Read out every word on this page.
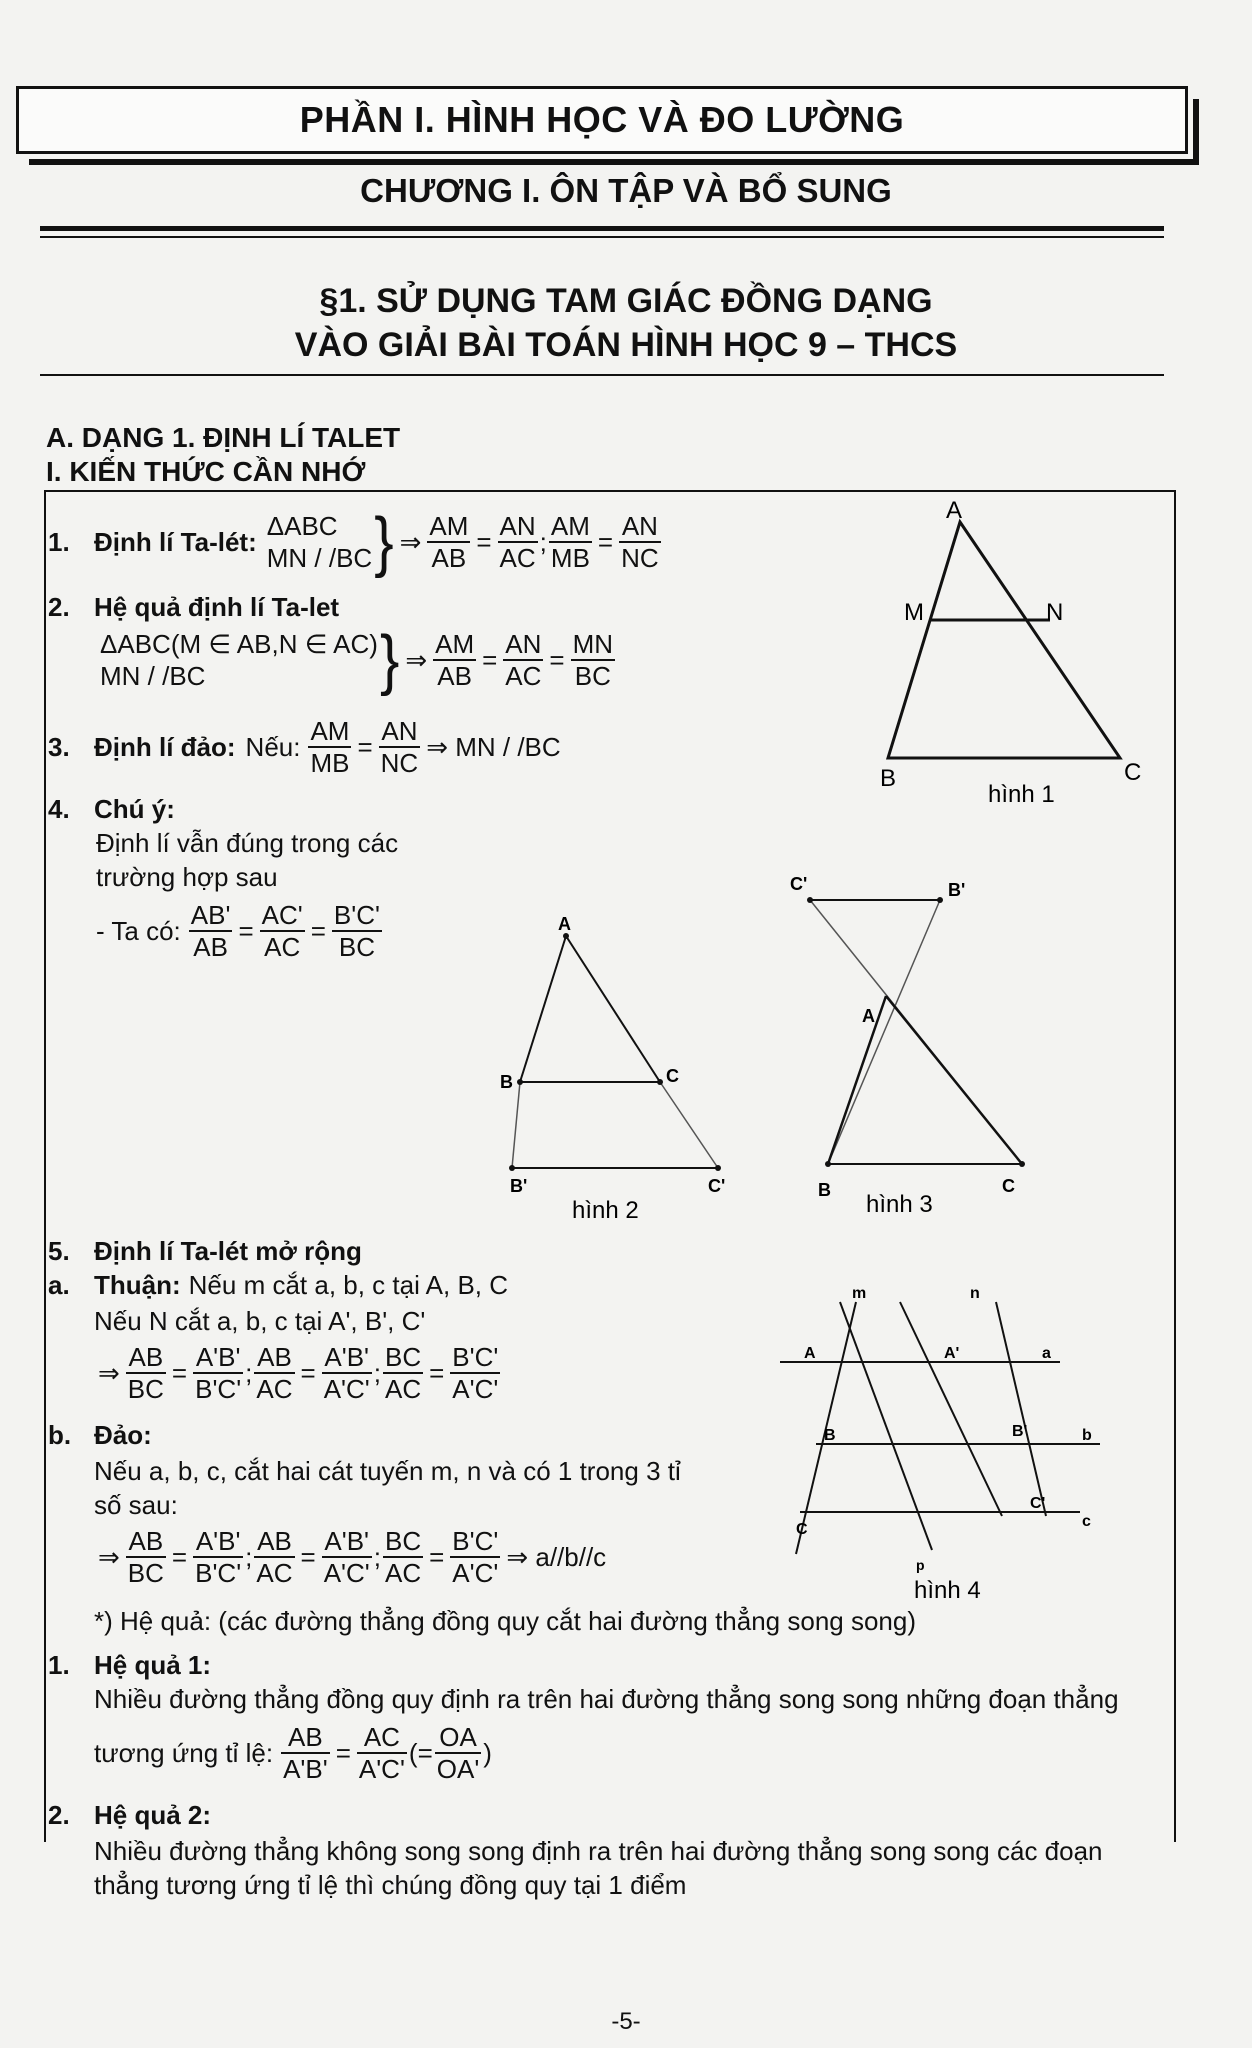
PHẦN I. HÌNH HỌC VÀ ĐO LƯỜNG
CHƯƠNG I. ÔN TẬP VÀ BỔ SUNG
§1. SỬ DỤNG TAM GIÁC ĐỒNG DẠNG
VÀO GIẢI BÀI TOÁN HÌNH HỌC 9 – THCS
A. DẠNG 1. ĐỊNH LÍ TALET
I. KIẾN THỨC CẦN NHỚ
1. Định lí Ta-lét:
ΔABC
MN / /BC } ⇒ $\frac{AM}{AB} = \frac{AN}{AC}$ ; $\frac{AM}{MB} = \frac{AN}{NC}$
2. Hệ quả định lí Ta-let
ΔABC(M ∈ AB,N ∈ AC)
MN / /BC	} ⇒ $\frac{AM}{AB} = \frac{AN}{AC} = \frac{MN}{BC}$
3. Định lí đảo: Nếu: $\frac{AM}{MB} = \frac{AN}{NC}$ ⇒ MN / /BC
4. Chú ý:
Định lí vẫn đúng trong các
trường hợp sau
- Ta có: $\frac{AB'}{AB} = \frac{AC'}{AC} = \frac{B'C'}{BC}$
5. Định lí Ta-lét mở rộng
a. Thuận: Nếu m cắt a, b, c tại A, B, C
Nếu N cắt a, b, c tại A', B', C'
⇒ $\frac{AB}{BC} = \frac{A'B'}{B'C'}$ ; $\frac{AB}{AC} = \frac{A'B'}{A'C'}$ ; $\frac{BC}{AC} = \frac{B'C'}{A'C'}$
b. Đảo:
Nếu a, b, c, cắt hai cát tuyến m, n và có 1 trong 3 tỉ
số sau:
⇒ $\frac{AB}{BC} = \frac{A'B'}{B'C'}$ ; $\frac{AB}{AC} = \frac{A'B'}{A'C'}$ ; $\frac{BC}{AC} = \frac{B'C'}{A'C'}$ ⇒ a//b//c
*) Hệ quả: (các đường thẳng đồng quy cắt hai đường thẳng song song)
1. Hệ quả 1:
Nhiều đường thẳng đồng quy định ra trên hai đường thẳng song song những đoạn thẳng
tương ứng tỉ lệ: $\frac{AB}{A'B'} = \frac{AC}{A'C'}$ (= $\frac{OA}{OA'}$ )
2. Hệ quả 2:
Nhiều đường thẳng không song song định ra trên hai đường thẳng song song các đoạn
thẳng tương ứng tỉ lệ thì chúng đồng quy tại 1 điểm
A
M	N
B	C
hình 1
A
B	C
B'	C'
hình 2
C'	B'
A
B	C
hình 3
m	n
A	A'	a
B	B'	b
C
C'
c
p
hình 4
-5-
